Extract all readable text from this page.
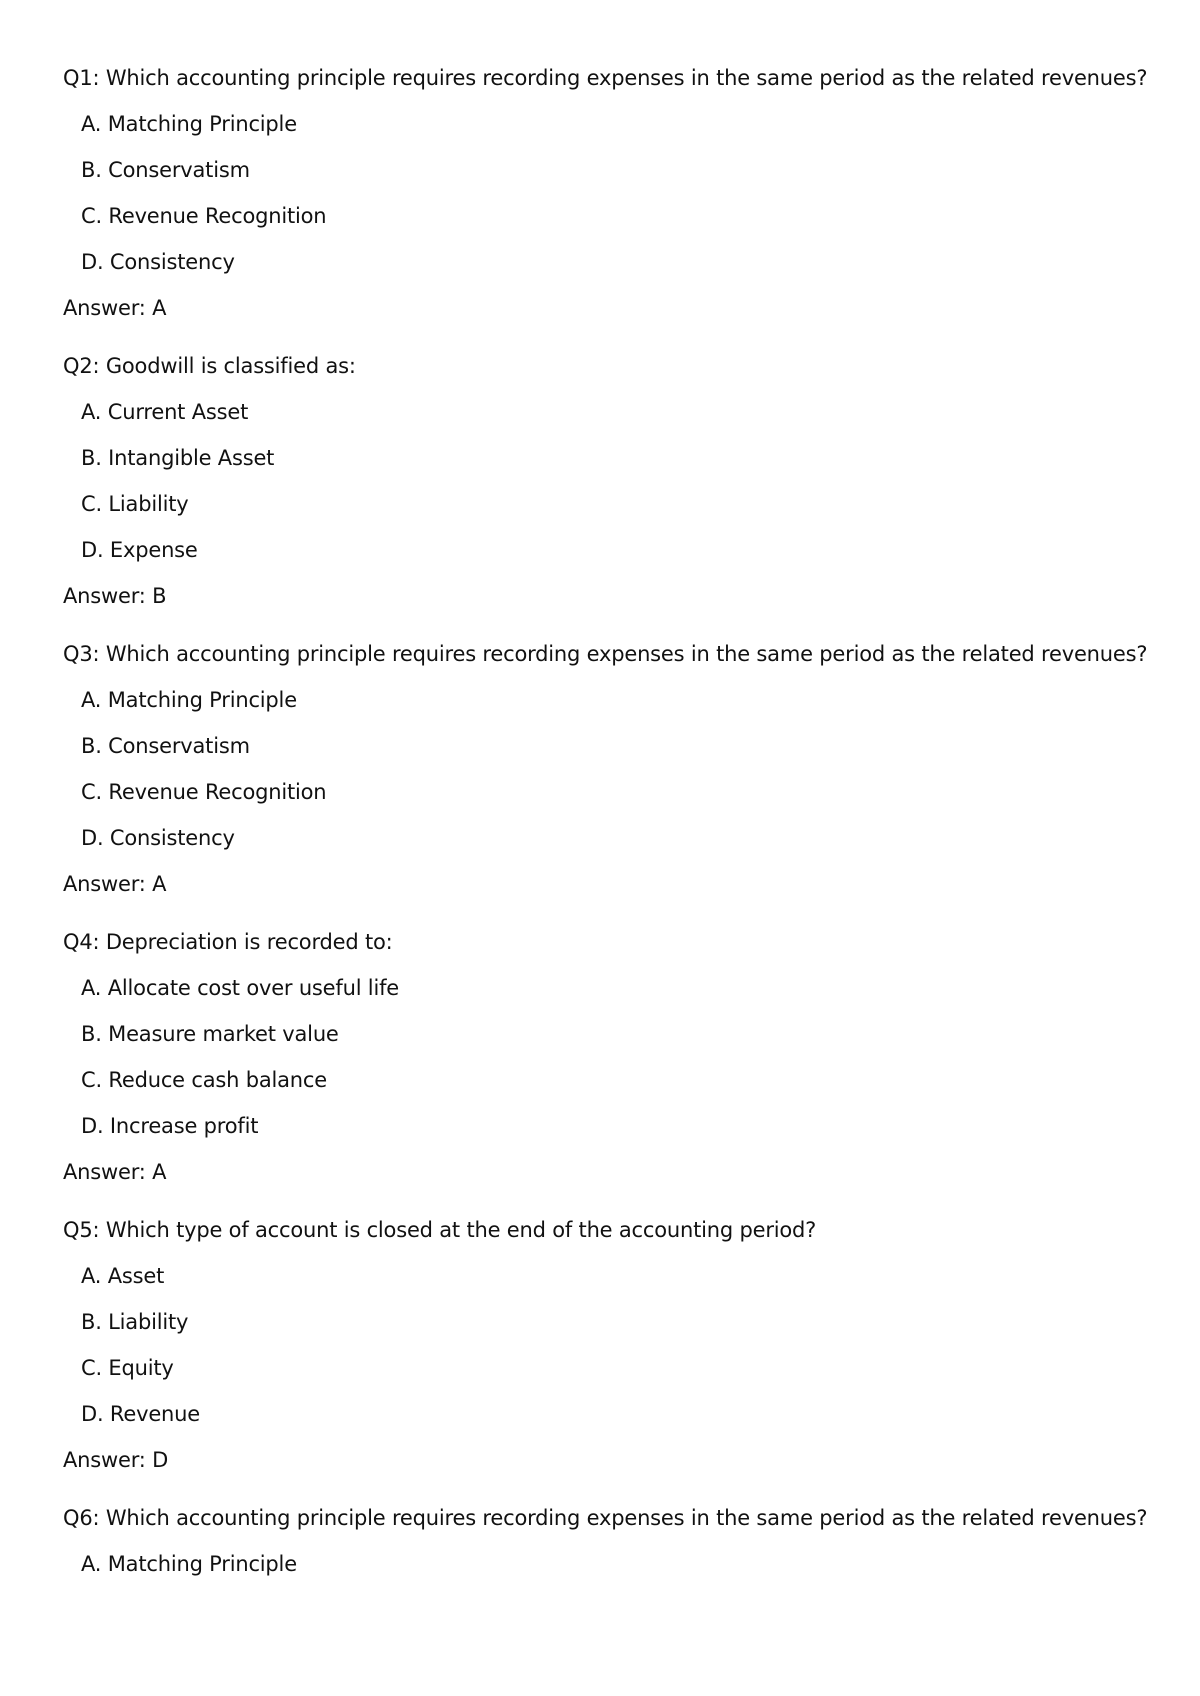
Q1: Which accounting principle requires recording expenses in the same period as the related revenues?
A. Matching Principle
B. Conservatism
C. Revenue Recognition
D. Consistency
Answer: A
Q2: Goodwill is classified as:
A. Current Asset
B. Intangible Asset
C. Liability
D. Expense
Answer: B
Q3: Which accounting principle requires recording expenses in the same period as the related revenues?
A. Matching Principle
B. Conservatism
C. Revenue Recognition
D. Consistency
Answer: A
Q4: Depreciation is recorded to:
A. Allocate cost over useful life
B. Measure market value
C. Reduce cash balance
D. Increase profit
Answer: A
Q5: Which type of account is closed at the end of the accounting period?
A. Asset
B. Liability
C. Equity
D. Revenue
Answer: D
Q6: Which accounting principle requires recording expenses in the same period as the related revenues?
A. Matching Principle
